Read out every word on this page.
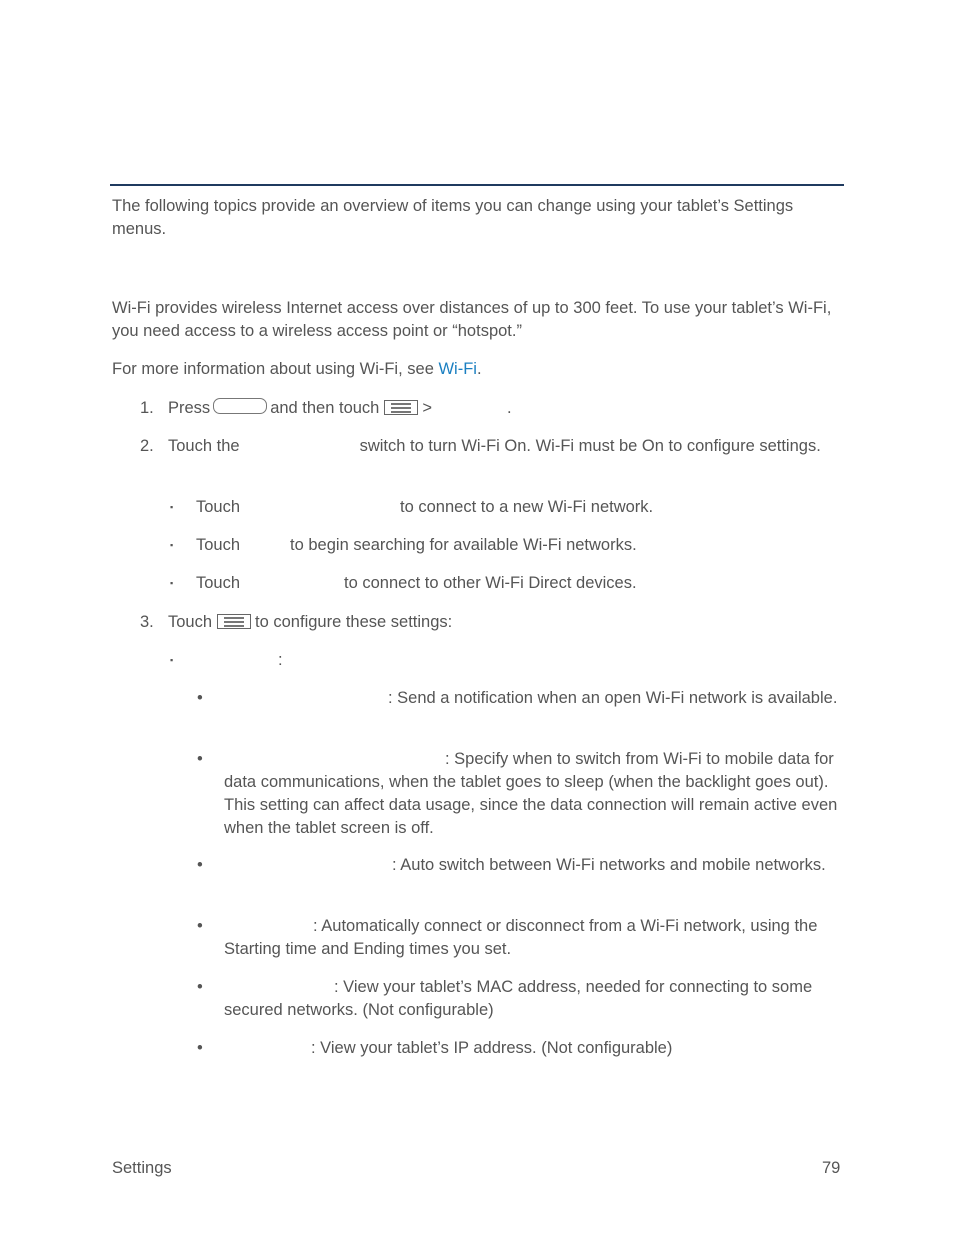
The following topics provide an overview of items you can change using your tablet’s Settings menus.

Wi-Fi provides wireless Internet access over distances of up to 300 feet. To use your tablet’s Wi-Fi, you need access to a wireless access point or “hotspot.”

For more information about using Wi-Fi, see Wi-Fi.

1. Press	and then touch	>	.

2. Touch the	switch to turn Wi-Fi On. Wi-Fi must be On to configure settings.

▪ Touch	to connect to a new Wi-Fi network.

▪ Touch	to begin searching for available Wi-Fi networks.

▪ Touch	to connect to other Wi-Fi Direct devices.

3. Touch	to configure these settings:

▪	:

•	: Send a notification when an open Wi-Fi network is available.

•	: Specify when to switch from Wi-Fi to mobile data for data communications, when the tablet goes to sleep (when the backlight goes out). This setting can affect data usage, since the data connection will remain active even when the tablet screen is off.

•	: Auto switch between Wi-Fi networks and mobile networks.

•	: Automatically connect or disconnect from a Wi-Fi network, using the Starting time and Ending times you set.

•	: View your tablet’s MAC address, needed for connecting to some secured networks. (Not configurable)

•	: View your tablet’s IP address. (Not configurable)

Settings	79
